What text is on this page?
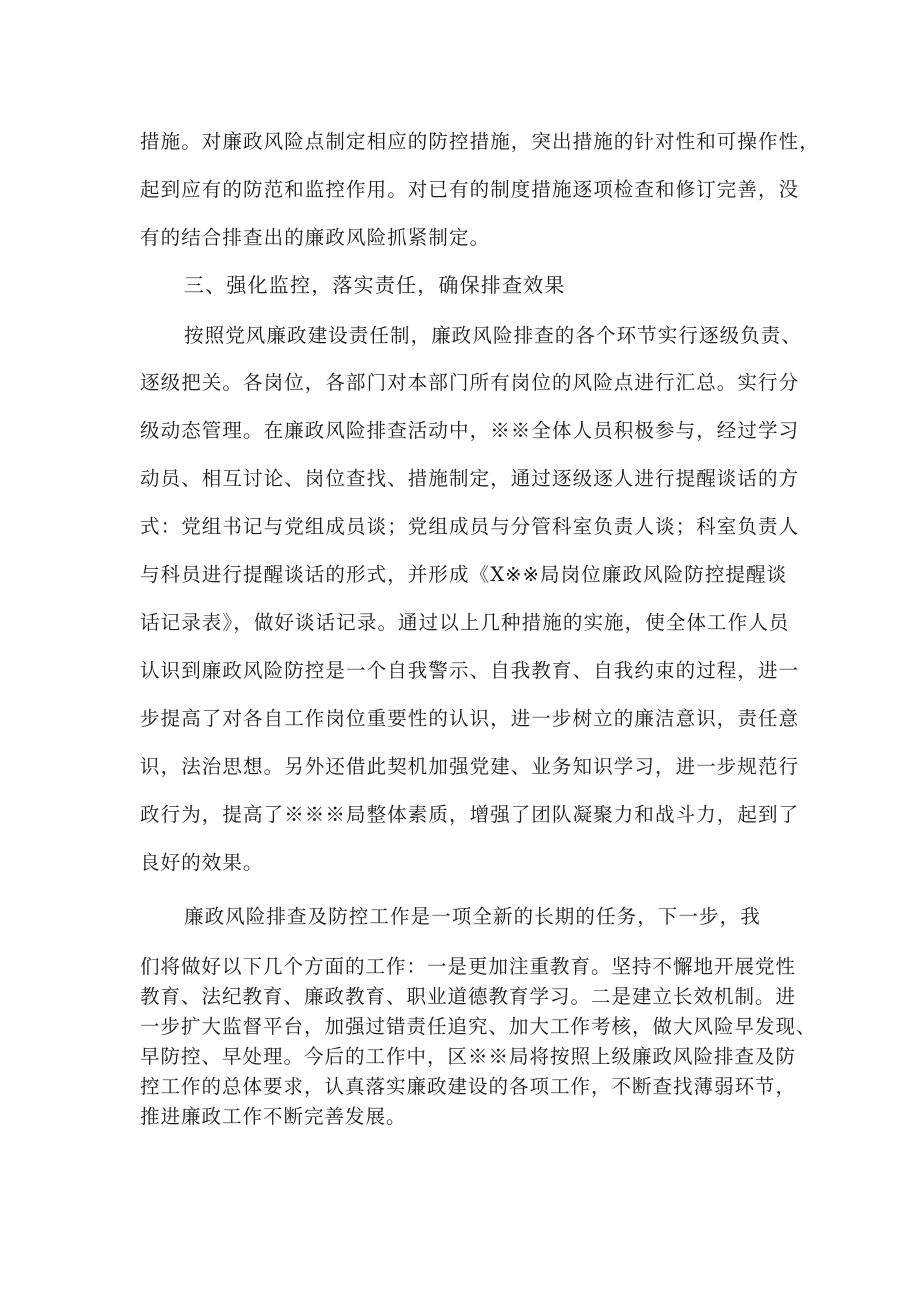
措施。对廉政风险点制定相应的防控措施，突出措施的针对性和可操作性，
起到应有的防范和监控作用。对已有的制度措施逐项检查和修订完善，没
有的结合排查出的廉政风险抓紧制定。
三、强化监控，落实责任，确保排查效果
按照党风廉政建设责任制，廉政风险排查的各个环节实行逐级负责、
逐级把关。各岗位，各部门对本部门所有岗位的风险点进行汇总。实行分
级动态管理。在廉政风险排查活动中，※※全体人员积极参与，经过学习
动员、相互讨论、岗位查找、措施制定，通过逐级逐人进行提醒谈话的方
式：党组书记与党组成员谈；党组成员与分管科室负责人谈；科室负责人
与科员进行提醒谈话的形式，并形成《X※※局岗位廉政风险防控提醒谈
话记录表》，做好谈话记录。通过以上几种措施的实施，使全体工作人员
认识到廉政风险防控是一个自我警示、自我教育、自我约束的过程，进一
步提高了对各自工作岗位重要性的认识，进一步树立的廉洁意识，责任意
识，法治思想。另外还借此契机加强党建、业务知识学习，进一步规范行
政行为，提高了※※※局整体素质，增强了团队凝聚力和战斗力，起到了
良好的效果。
廉政风险排查及防控工作是一项全新的长期的任务，下一步，我
们将做好以下几个方面的工作：一是更加注重教育。坚持不懈地开展党性
教育、法纪教育、廉政教育、职业道德教育学习。二是建立长效机制。进
一步扩大监督平台，加强过错责任追究、加大工作考核，做大风险早发现、
早防控、早处理。今后的工作中，区※※局将按照上级廉政风险排查及防
控工作的总体要求，认真落实廉政建设的各项工作，不断查找薄弱环节，
推进廉政工作不断完善发展。
